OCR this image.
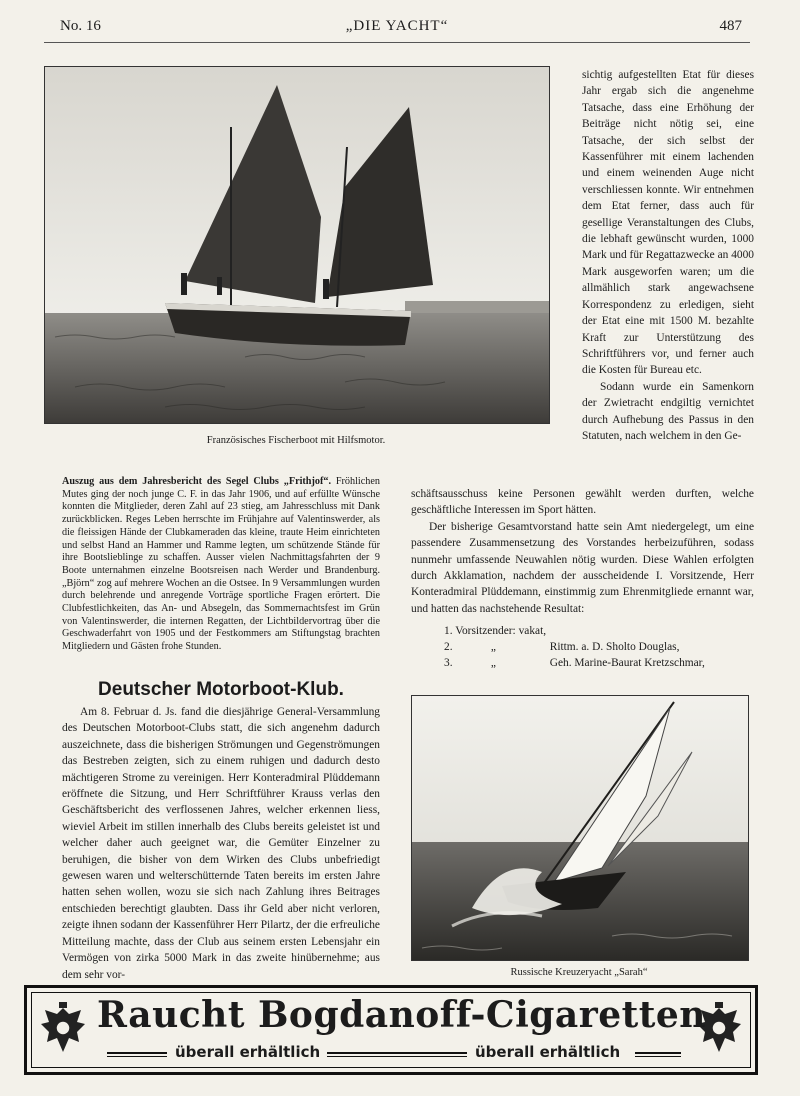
No. 16	„DIE YACHT“	487
Französisches Fischerboot mit Hilfsmotor.

sichtig aufgestellten Etat für dieses Jahr ergab sich die angenehme Tatsache, dass eine Erhöhung der Beiträge nicht nötig sei, eine Tatsache, der sich selbst der Kassenführer mit einem lachenden und einem weinenden Auge nicht verschliessen konnte. Wir entnehmen dem Etat ferner, dass auch für gesellige Veranstaltungen des Clubs, die lebhaft gewünscht wurden, 1000 Mark und für Regattazwecke an 4000 Mark ausgeworfen waren; um die allmählich stark angewachsene Korrespondenz zu erledigen, sieht der Etat eine mit 1500 M. bezahlte Kraft zur Unterstützung des Schriftführers vor, und ferner auch die Kosten für Bureau etc.

Sodann wurde ein Samenkorn der Zwietracht endgiltig vernichtet durch Aufhebung des Passus in den Statuten, nach welchem in den Ge-

schäftsausschuss keine Personen gewählt werden durften, welche geschäftliche Interessen im Sport hätten.

Der bisherige Gesamtvorstand hatte sein Amt niedergelegt, um eine passendere Zusammensetzung des Vorstandes herbeizuführen, sodass nunmehr umfassende Neuwahlen nötig wurden. Diese Wahlen erfolgten durch Akklamation, nachdem der ausscheidende I. Vorsitzende, Herr Konteradmiral Plüddemann, einstimmig zum Ehrenmitgliede ernannt war, und hatten das nachstehende Resultat:

1. Vorsitzender: vakat,
2.	„	Rittm. a. D. Sholto Douglas,
3.	„	Geh. Marine-Baurat Kretzschmar,
Auszug aus dem Jahresbericht des Segel Clubs „Frithjof“. Fröhlichen Mutes ging der noch junge C. F. in das Jahr 1906, und auf erfüllte Wünsche konnten die Mitglieder, deren Zahl auf 23 stieg, am Jahresschluss mit Dank zurückblicken. Reges Leben herrschte im Frühjahre auf Valentinswerder, als die fleissigen Hände der Clubkameraden das kleine, traute Heim einrichteten und selbst Hand an Hammer und Ramme legten, um schützende Stände für ihre Bootslieblinge zu schaffen. Ausser vielen Nachmittagsfahrten der 9 Boote unternahmen einzelne Bootsreisen nach Werder und Brandenburg. „Björn“ zog auf mehrere Wochen an die Ostsee. In 9 Versammlungen wurden durch belehrende und anregende Vorträge sportliche Fragen erörtert. Die Clubfestlichkeiten, das An- und Absegeln, das Sommernachtsfest im Grün von Valentinswerder, die internen Regatten, der Lichtbildervortrag über die Geschwaderfahrt von 1905 und der Festkommers am Stiftungstag brachten Mitgliedern und Gästen frohe Stunden.
Deutscher Motorboot-Klub.

Am 8. Februar d. Js. fand die diesjährige General-Versammlung des Deutschen Motorboot-Clubs statt, die sich angenehm dadurch auszeichnete, dass die bisherigen Strömungen und Gegenströmungen das Bestreben zeigten, sich zu einem ruhigen und dadurch desto mächtigeren Strome zu vereinigen. Herr Konteradmiral Plüddemann eröffnete die Sitzung, und Herr Schriftführer Krauss verlas den Geschäftsbericht des verflossenen Jahres, welcher erkennen liess, wieviel Arbeit im stillen innerhalb des Clubs bereits geleistet ist und welcher daher auch geeignet war, die Gemüter Einzelner zu beruhigen, die bisher von dem Wirken des Clubs unbefriedigt gewesen waren und welterschütternde Taten bereits im ersten Jahre hatten sehen wollen, wozu sie sich nach Zahlung ihres Beitrages entschieden berechtigt glaubten. Dass ihr Geld aber nicht verloren, zeigte ihnen sodann der Kassenführer Herr Pilartz, der die erfreuliche Mitteilung machte, dass der Club aus seinem ersten Lebensjahr ein Vermögen von zirka 5000 Mark in das zweite hinübernehme; aus dem sehr vor-	Russische Kreuzeryacht „Sarah“
Raucht Bogdanoff-Cigaretten
überall erhältlich	überall erhältlich
